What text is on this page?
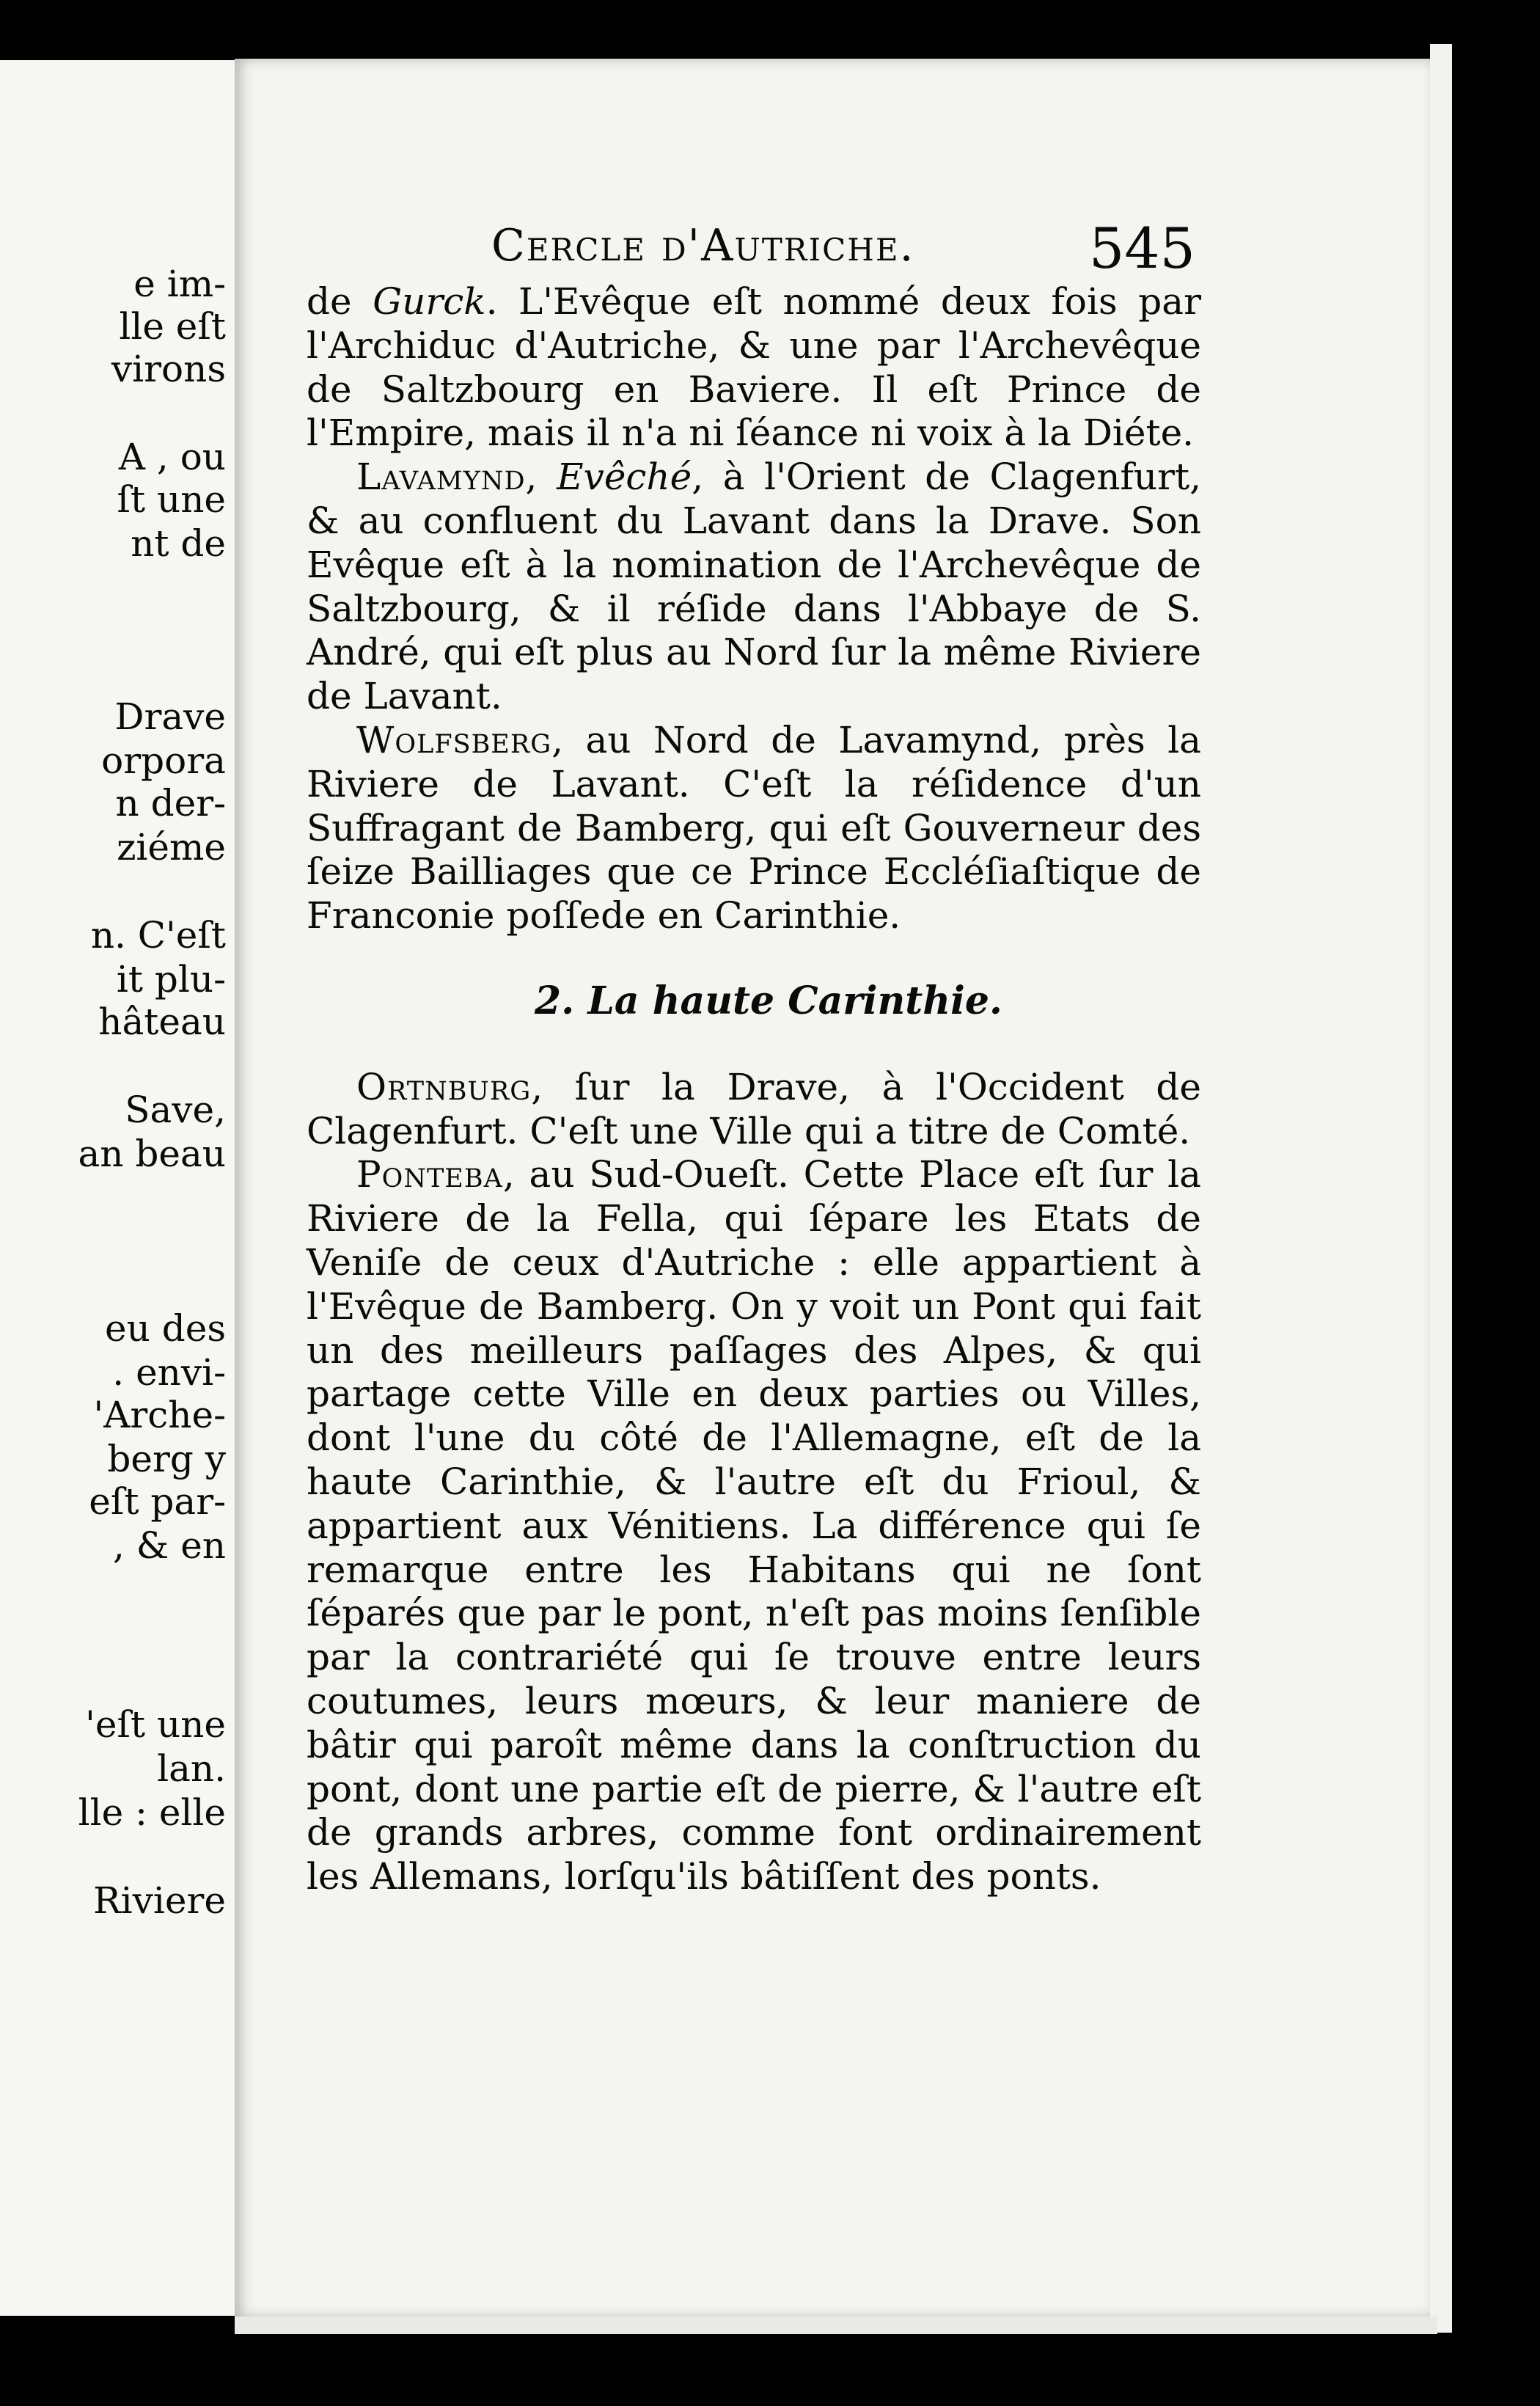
e im-
lle eſt
virons
A , ou
ſt une
nt de
Drave
orpora
n der-
ziéme
n. C'eſt
it plu-
hâteau
Save,
an beau
eu des
. envi-
'Arche-
berg y
eſt par-
, & en
'eſt une
lan.
lle : elle
Riviere
Cercle d'Autriche.	545

de Gurck. L'Evêque eſt nommé deux fois par l'Archiduc d'Autriche, & une par l'Archevêque de Saltzbourg en Baviere. Il eſt Prince de l'Empire, mais il n'a ni ſéance ni voix à la Diéte.

Lavamynd, Evêché, à l'Orient de Clagenfurt, & au confluent du Lavant dans la Drave. Son Evêque eſt à la nomination de l'Archevêque de Saltzbourg, & il réſide dans l'Abbaye de S. André, qui eſt plus au Nord ſur la même Riviere de Lavant.

Wolfsberg, au Nord de Lavamynd, près la Riviere de Lavant. C'eſt la réſidence d'un Suffragant de Bamberg, qui eſt Gouverneur des ſeize Bailliages que ce Prince Eccléſiaſtique de Franconie poſſede en Carinthie.

2. La haute Carinthie.

Ortnburg, ſur la Drave, à l'Occident de Clagenfurt. C'eſt une Ville qui a titre de Comté.

Ponteba, au Sud-Oueſt. Cette Place eſt ſur la Riviere de la Fella, qui ſépare les Etats de Veniſe de ceux d'Autriche : elle appartient à l'Evêque de Bamberg. On y voit un Pont qui fait un des meilleurs paſſages des Alpes, & qui partage cette Ville en deux parties ou Villes, dont l'une du côté de l'Allemagne, eſt de la haute Carinthie, & l'autre eſt du Frioul, & appartient aux Vénitiens. La différence qui ſe remarque entre les Habitans qui ne ſont ſéparés que par le pont, n'eſt pas moins ſenſible par la contrariété qui ſe trouve entre leurs coutumes, leurs mœurs, & leur maniere de bâtir qui paroît même dans la conſtruction du pont, dont une partie eſt de pierre, & l'autre eſt de grands arbres, comme font ordinairement les Allemans, lorſqu'ils bâtiſſent des ponts.
